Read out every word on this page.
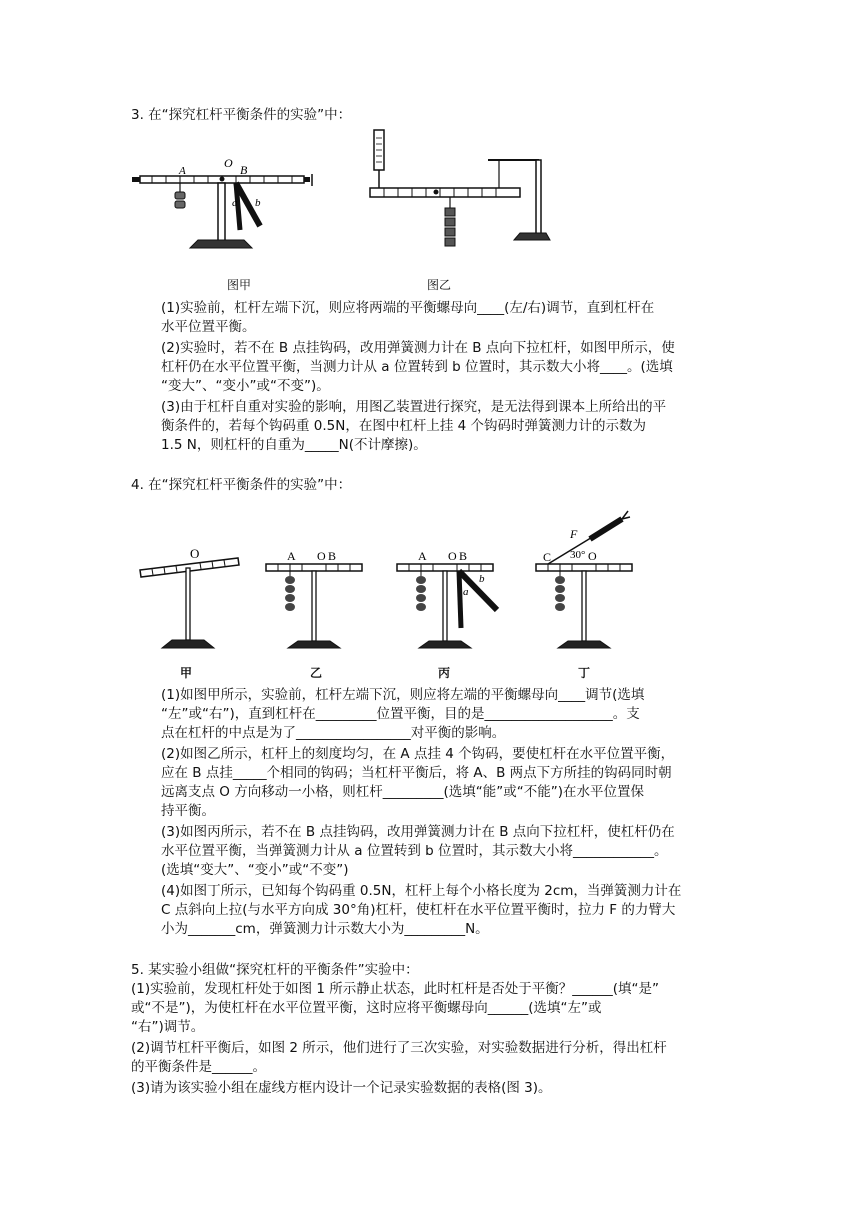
3. 在“探究杠杆平衡条件的实验”中：
A
O B
a b
图甲	图乙
(1)实验前，杠杆左端下沉，则应将两端的平衡螺母向____(左/右)调节，直到杠杆在
水平位置平衡。
(2)实验时，若不在 B 点挂钩码，改用弹簧测力计在 B 点向下拉杠杆，如图甲所示，使
杠杆仍在水平位置平衡，当测力计从 a 位置转到 b 位置时，其示数大小将____。(选填
“变大”、“变小”或“不变”)。
(3)由于杠杆自重对实验的影响，用图乙装置进行探究，是无法得到课本上所给出的平
衡条件的，若每个钩码重 0.5N，在图中杠杆上挂 4 个钩码时弹簧测力计的示数为
1.5 N，则杠杆的自重为_____N(不计摩擦)。
4. 在“探究杠杆平衡条件的实验”中：
O	A O B	A O B
a
b
C
F
30° O
甲	乙	丙	丁
(1)如图甲所示，实验前，杠杆左端下沉，则应将左端的平衡螺母向____调节(选填
“左”或“右”)，直到杠杆在_________位置平衡，目的是___________________。支
点在杠杆的中点是为了_________________对平衡的影响。
(2)如图乙所示，杠杆上的刻度均匀，在 A 点挂 4 个钩码，要使杠杆在水平位置平衡，
应在 B 点挂_____个相同的钩码；当杠杆平衡后，将 A、B 两点下方所挂的钩码同时朝
远离支点 O 方向移动一小格，则杠杆_________(选填“能”或“不能”)在水平位置保
持平衡。
(3)如图丙所示，若不在 B 点挂钩码，改用弹簧测力计在 B 点向下拉杠杆，使杠杆仍在
水平位置平衡，当弹簧测力计从 a 位置转到 b 位置时，其示数大小将____________。
(选填“变大”、“变小”或“不变”)
(4)如图丁所示，已知每个钩码重 0.5N，杠杆上每个小格长度为 2cm，当弹簧测力计在
C 点斜向上拉(与水平方向成 30°角)杠杆，使杠杆在水平位置平衡时，拉力 F 的力臂大
小为_______cm，弹簧测力计示数大小为_________N。
5. 某实验小组做“探究杠杆的平衡条件”实验中：
(1)实验前，发现杠杆处于如图 1 所示静止状态，此时杠杆是否处于平衡？______(填“是”
或“不是”)，为使杠杆在水平位置平衡，这时应将平衡螺母向______(选填“左”或
“右”)调节。
(2)调节杠杆平衡后，如图 2 所示，他们进行了三次实验，对实验数据进行分析，得出杠杆
的平衡条件是______。
(3)请为该实验小组在虚线方框内设计一个记录实验数据的表格(图 3)。
